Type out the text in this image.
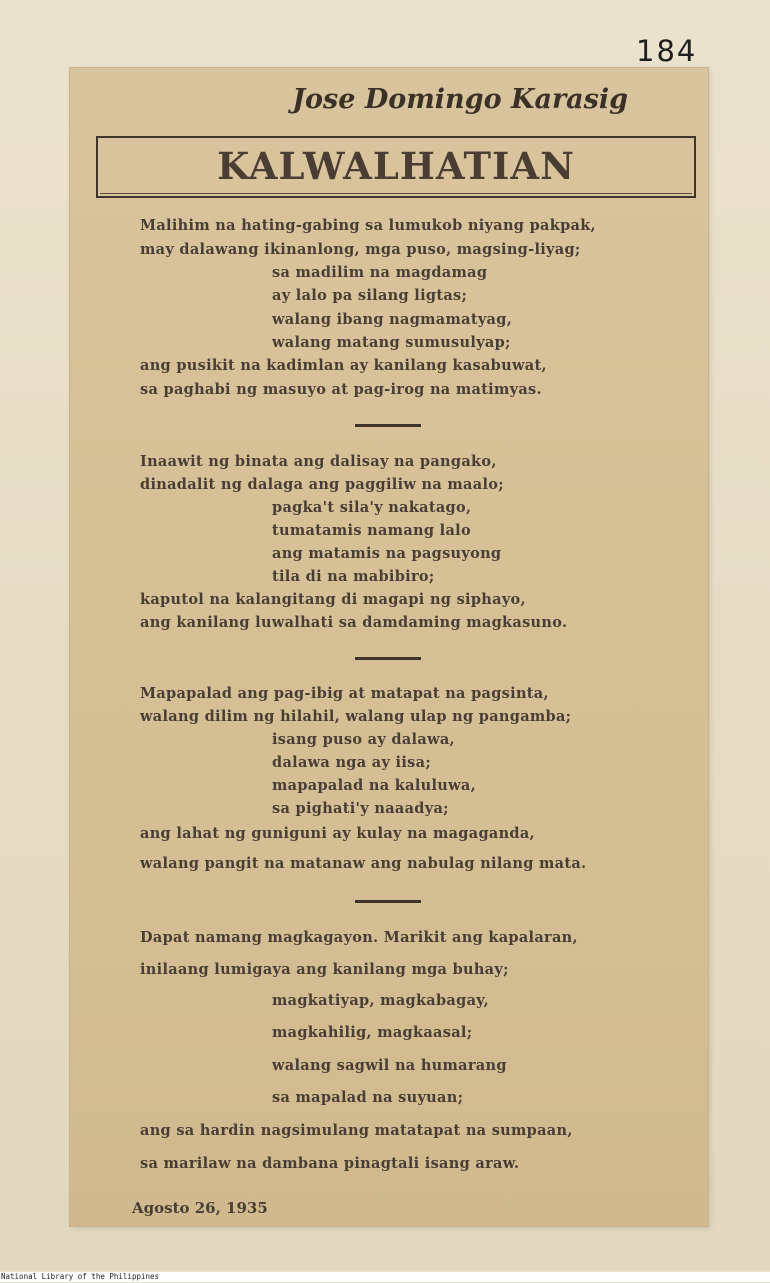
184
Jose Domingo Karasig
KALWALHATIAN
Malihim na hating-gabing sa lumukob niyang pakpak,
may dalawang ikinanlong, mga puso, magsing-liyag;
sa madilim na magdamag
ay lalo pa silang ligtas;
walang ibang nagmamatyag,
walang matang sumusulyap;
ang pusikit na kadimlan ay kanilang kasabuwat,
sa paghabi ng masuyo at pag-irog na matimyas.
Inaawit ng binata ang dalisay na pangako,
dinadalit ng dalaga ang paggiliw na maalo;
pagka't sila'y nakatago,
tumatamis namang lalo
ang matamis na pagsuyong
tila di na mabibiro;
kaputol na kalangitang di magapi ng siphayo,
ang kanilang luwalhati sa damdaming magkasuno.
Mapapalad ang pag-ibig at matapat na pagsinta,
walang dilim ng hilahil, walang ulap ng pangamba;
isang puso ay dalawa,
dalawa nga ay iisa;
mapapalad na kaluluwa,
sa pighati'y naaadya;
ang lahat ng guniguni ay kulay na magaganda,
walang pangit na matanaw ang nabulag nilang mata.
Dapat namang magkagayon. Marikit ang kapalaran,
inilaang lumigaya ang kanilang mga buhay;
magkatiyap, magkabagay,
magkahilig, magkaasal;
walang sagwil na humarang
sa mapalad na suyuan;
ang sa hardin nagsimulang matatapat na sumpaan,
sa marilaw na dambana pinagtali isang araw.
Agosto 26, 1935
National Library of the Philippines
